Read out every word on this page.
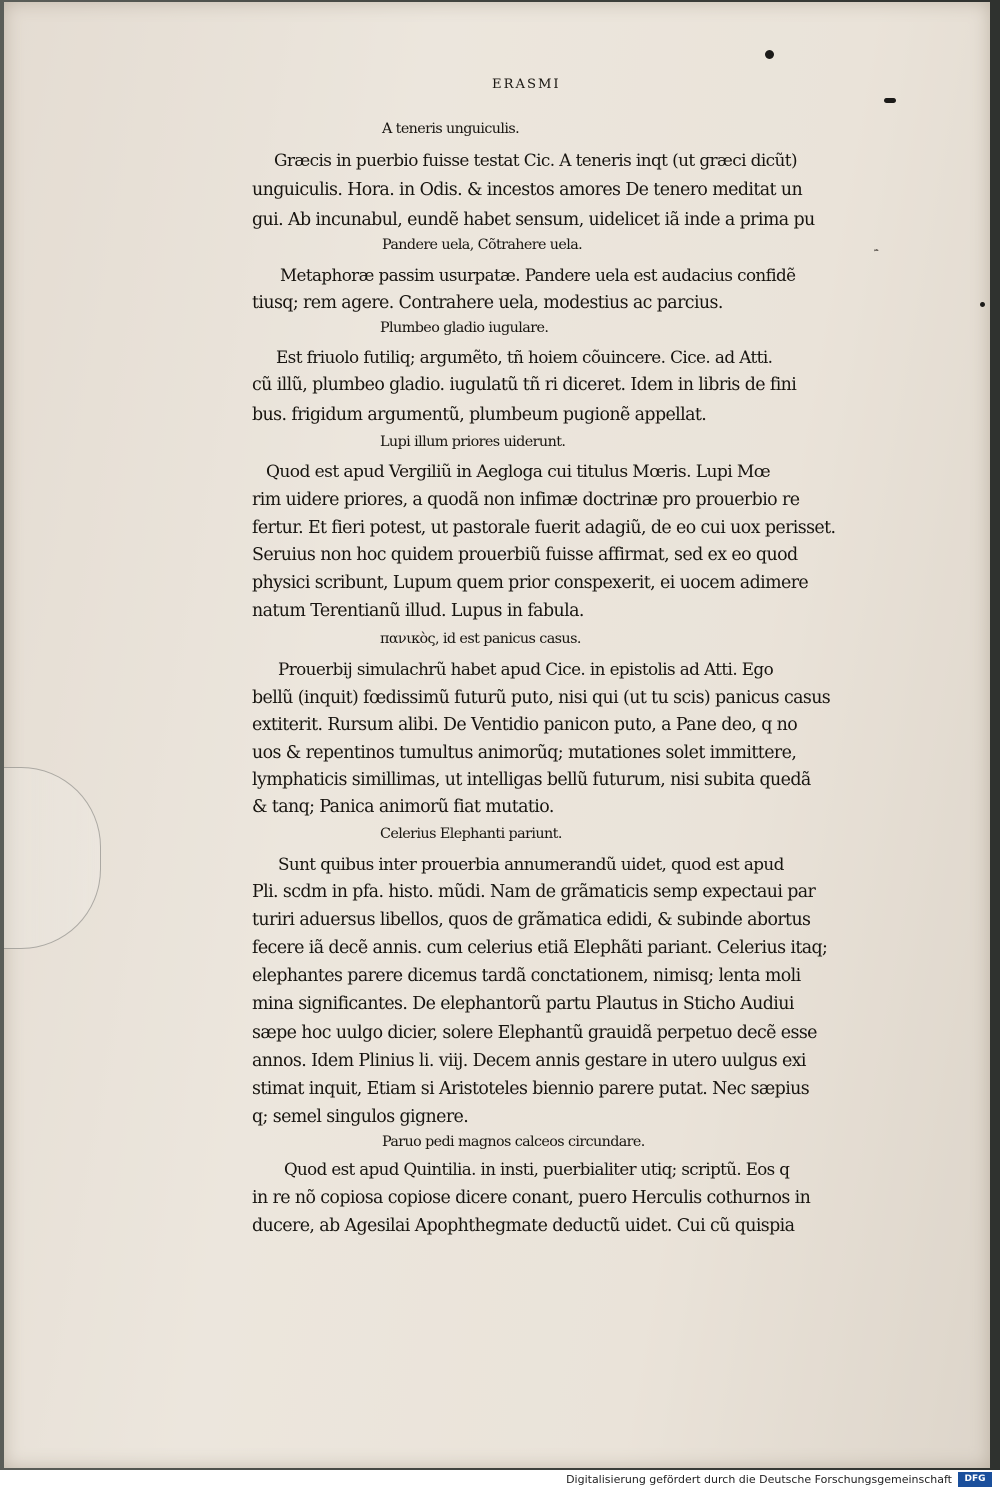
ERASMI
A teneris unguiculis.
Græcis in puerbio fuisse testat Cic. A teneris inqt (ut græci dicũt)
unguiculis. Hora. in Odis. & incestos amores De tenero meditat un
gui. Ab incunabul, eundẽ habet sensum, uidelicet iã inde a prima pu
Pandere uela, Cõtrahere uela.	(eritia.
Metaphoræ passim usurpatæ. Pandere uela est audacius confidẽ
tiusq; rem agere. Contrahere uela, modestius ac parcius.
Plumbeo gladio iugulare.
Est friuolo futiliq; argumẽto, tñ hoiem cõuincere. Cice. ad Atti.
cũ illũ, plumbeo gladio. iugulatũ tñ ri diceret. Idem in libris de fini
bus. frigidum argumentũ, plumbeum pugionẽ appellat.
Lupi illum priores uiderunt.
Quod est apud Vergiliũ in Aegloga cui titulus Mœris. Lupi Mœ
rim uidere priores, a quodã non infimæ doctrinæ pro prouerbio re
fertur. Et fieri potest, ut pastorale fuerit adagiũ, de eo cui uox perisset.
Seruius non hoc quidem prouerbiũ fuisse affirmat, sed ex eo quod
physici scribunt, Lupum quem prior conspexerit, ei uocem adimere
natum Terentianũ illud. Lupus in fabula.
πανικὸς, id est panicus casus.
Prouerbij simulachrũ habet apud Cice. in epistolis ad Atti. Ego
bellũ (inquit) fœdissimũ futurũ puto, nisi qui (ut tu scis) panicus casus
extiterit. Rursum alibi. De Ventidio panicon puto, a Pane deo, q no
uos & repentinos tumultus animorũq; mutationes solet immittere,
lymphaticis simillimas, ut intelligas bellũ futurum, nisi subita quedã
& tanq; Panica animorũ fiat mutatio.
Celerius Elephanti pariunt.
Sunt quibus inter prouerbia annumerandũ uidet, quod est apud
Pli. scdm in pfa. histo. mũdi. Nam de grãmaticis semp expectaui par
turiri aduersus libellos, quos de grãmatica edidi, & subinde abortus
fecere iã decẽ annis. cum celerius etiã Elephãti pariant. Celerius itaq;
elephantes parere dicemus tardã conctationem, nimisq; lenta moli
mina significantes. De elephantorũ partu Plautus in Sticho Audiui
sæpe hoc uulgo dicier, solere Elephantũ grauidã perpetuo decẽ esse
annos. Idem Plinius li. viij. Decem annis gestare in utero uulgus exi
stimat inquit, Etiam si Aristoteles biennio parere putat. Nec sæpius
q; semel singulos gignere.
Paruo pedi magnos calceos circundare.
Quod est apud Quintilia. in insti, puerbialiter utiq; scriptũ. Eos q
in re nõ copiosa copiose dicere conant, puero Herculis cothurnos in
ducere, ab Agesilai Apophthegmate deductũ uidet. Cui cũ quispia
Digitalisierung gefördert durch die Deutsche Forschungsgemeinschaft	DFG
